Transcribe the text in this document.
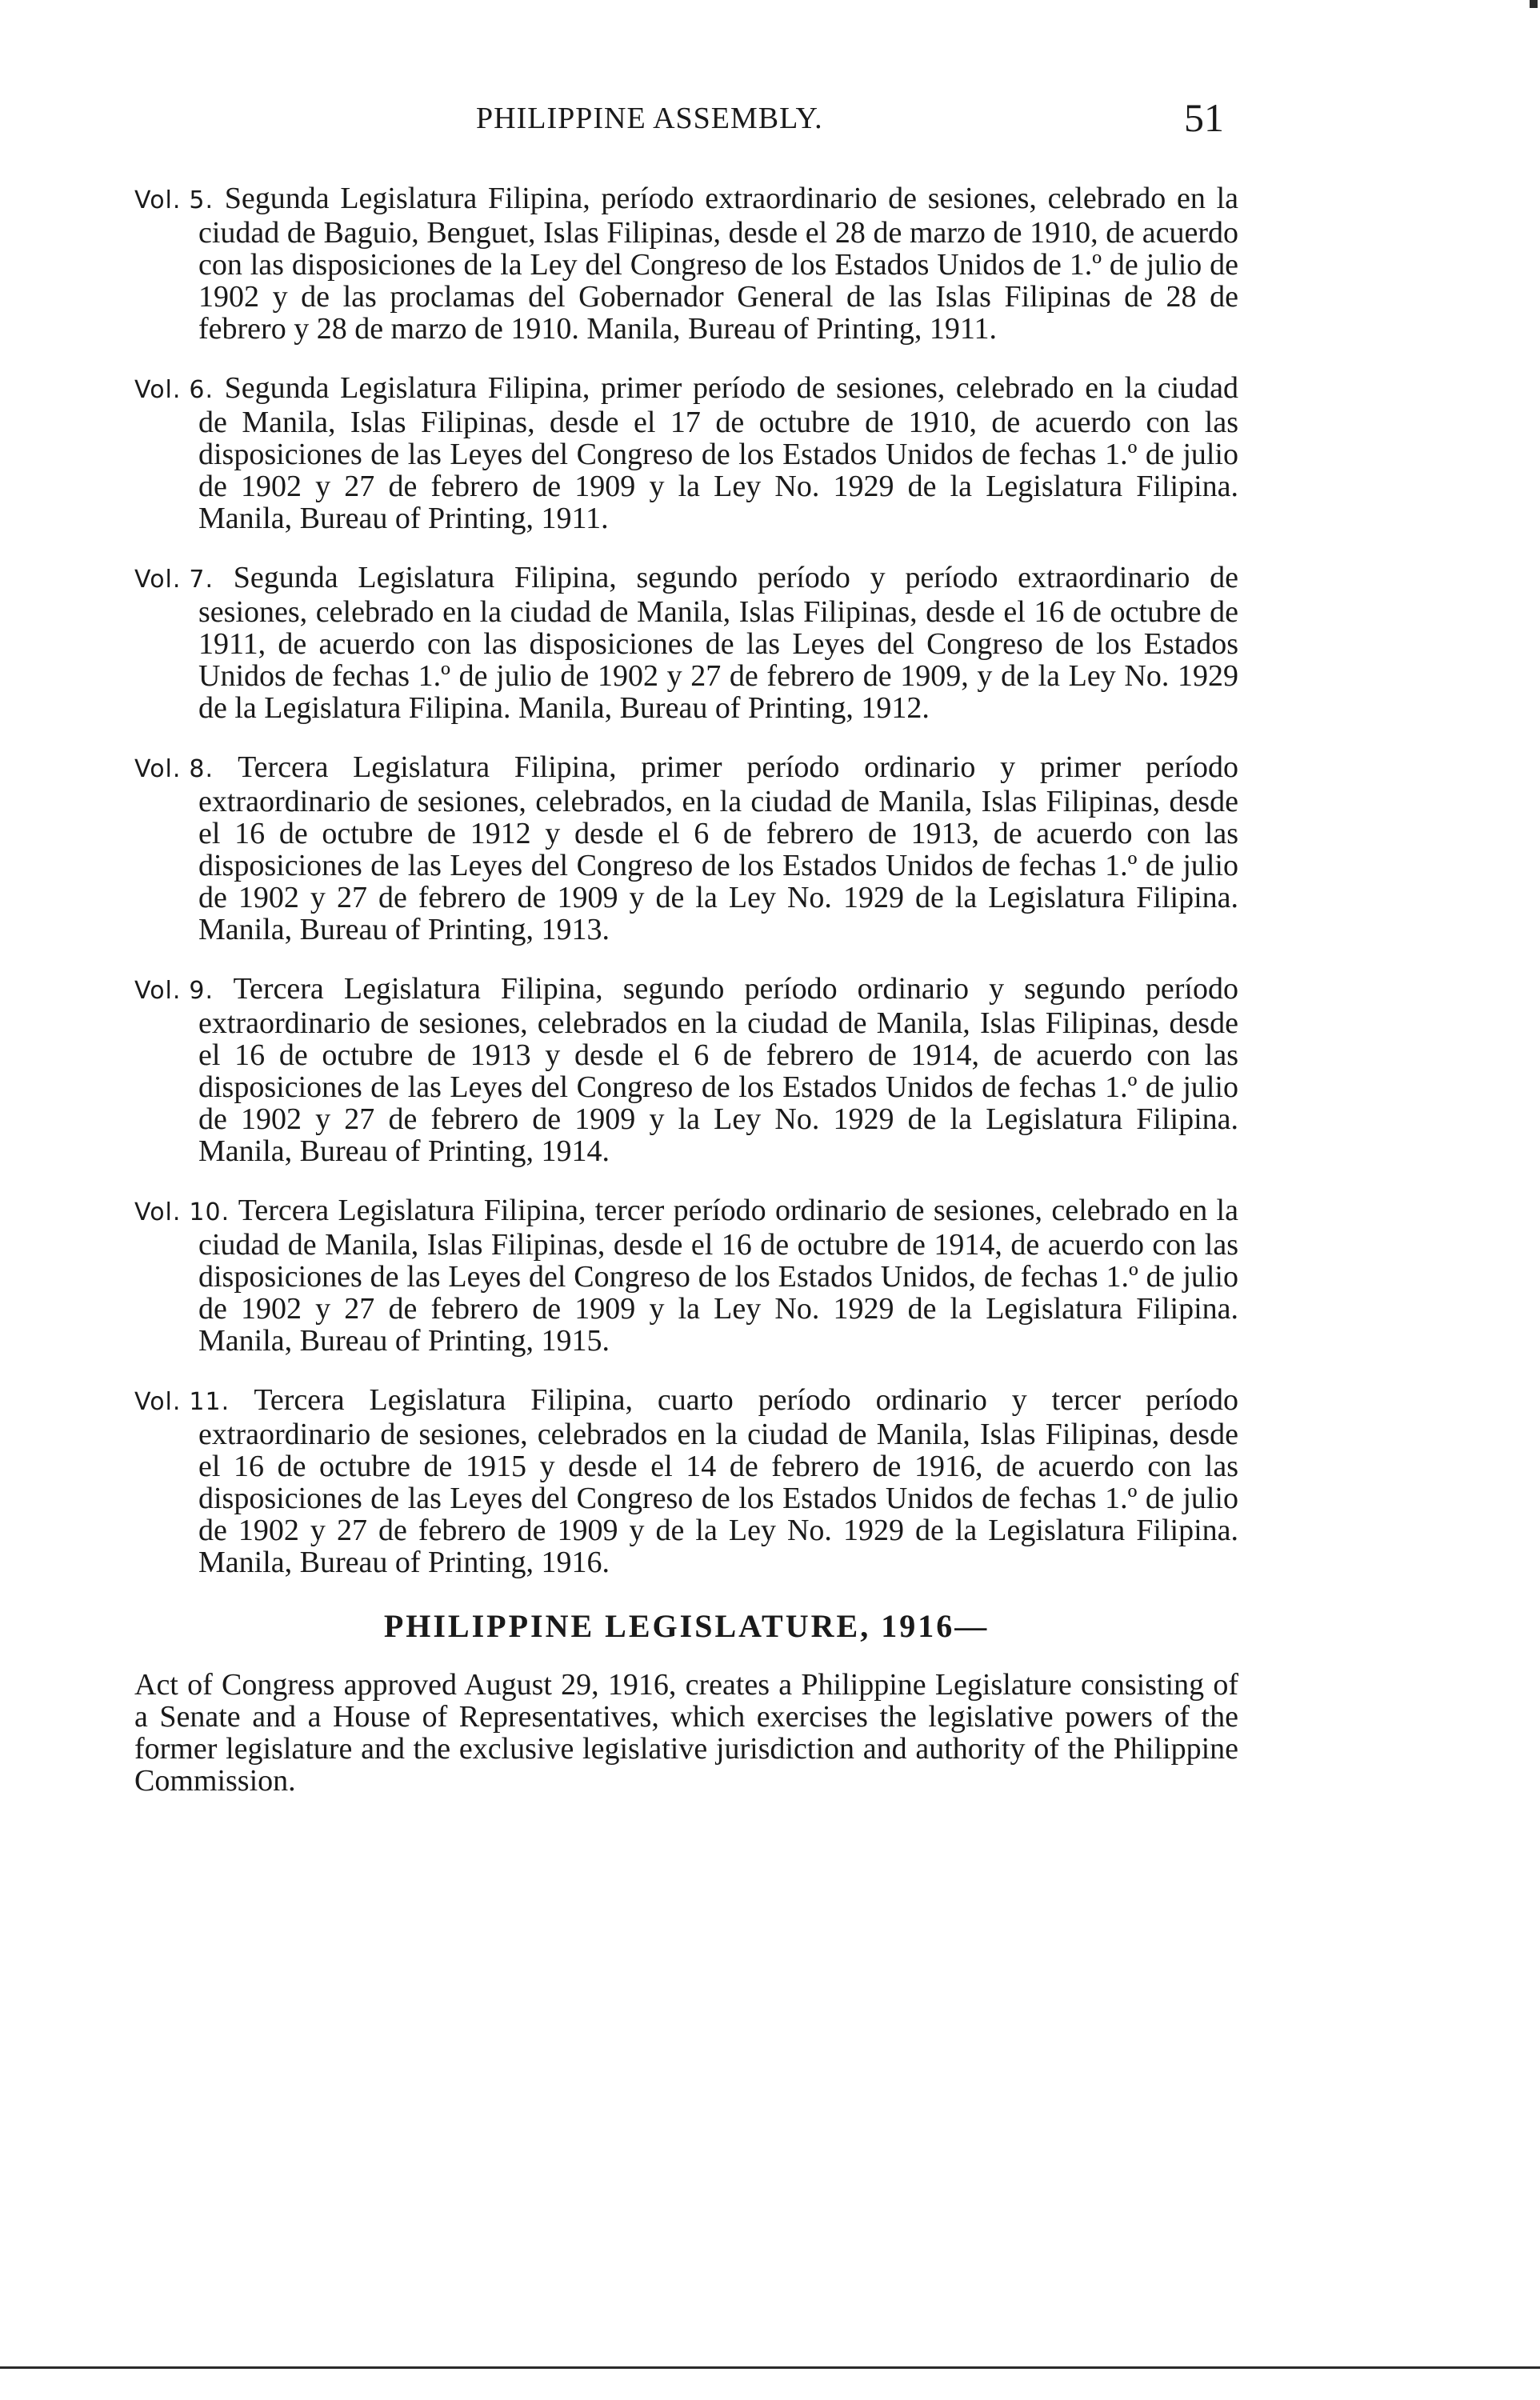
PHILIPPINE ASSEMBLY.	51

Vol. 5. Segunda Legislatura Filipina, período extraordinario de sesiones, celebrado en la ciudad de Baguio, Benguet, Islas Filipinas, desde el 28 de marzo de 1910, de acuerdo con las disposiciones de la Ley del Congreso de los Estados Unidos de 1.º de julio de 1902 y de las proclamas del Gobernador General de las Islas Filipinas de 28 de febrero y 28 de marzo de 1910. Manila, Bureau of Printing, 1911.

Vol. 6. Segunda Legislatura Filipina, primer período de sesiones, celebrado en la ciudad de Manila, Islas Filipinas, desde el 17 de octubre de 1910, de acuerdo con las disposiciones de las Leyes del Congreso de los Estados Unidos de fechas 1.º de julio de 1902 y 27 de febrero de 1909 y la Ley No. 1929 de la Legislatura Filipina. Manila, Bureau of Printing, 1911.

Vol. 7. Segunda Legislatura Filipina, segundo período y período extraordinario de sesiones, celebrado en la ciudad de Manila, Islas Filipinas, desde el 16 de octubre de 1911, de acuerdo con las disposiciones de las Leyes del Congreso de los Estados Unidos de fechas 1.º de julio de 1902 y 27 de febrero de 1909, y de la Ley No. 1929 de la Legislatura Filipina. Manila, Bureau of Printing, 1912.

Vol. 8. Tercera Legislatura Filipina, primer período ordinario y primer período extraordinario de sesiones, celebrados, en la ciudad de Manila, Islas Filipinas, desde el 16 de octubre de 1912 y desde el 6 de febrero de 1913, de acuerdo con las disposiciones de las Leyes del Congreso de los Estados Unidos de fechas 1.º de julio de 1902 y 27 de febrero de 1909 y de la Ley No. 1929 de la Legislatura Filipina. Manila, Bureau of Printing, 1913.

Vol. 9. Tercera Legislatura Filipina, segundo período ordinario y segundo período extraordinario de sesiones, celebrados en la ciudad de Manila, Islas Filipinas, desde el 16 de octubre de 1913 y desde el 6 de febrero de 1914, de acuerdo con las disposiciones de las Leyes del Congreso de los Estados Unidos de fechas 1.º de julio de 1902 y 27 de febrero de 1909 y la Ley No. 1929 de la Legislatura Filipina. Manila, Bureau of Printing, 1914.

Vol. 10. Tercera Legislatura Filipina, tercer período ordinario de sesiones, celebrado en la ciudad de Manila, Islas Filipinas, desde el 16 de octubre de 1914, de acuerdo con las disposiciones de las Leyes del Congreso de los Estados Unidos, de fechas 1.º de julio de 1902 y 27 de febrero de 1909 y la Ley No. 1929 de la Legislatura Filipina. Manila, Bureau of Printing, 1915.

Vol. 11. Tercera Legislatura Filipina, cuarto período ordinario y tercer período extraordinario de sesiones, celebrados en la ciudad de Manila, Islas Filipinas, desde el 16 de octubre de 1915 y desde el 14 de febrero de 1916, de acuerdo con las disposiciones de las Leyes del Congreso de los Estados Unidos de fechas 1.º de julio de 1902 y 27 de febrero de 1909 y de la Ley No. 1929 de la Legislatura Filipina. Manila, Bureau of Printing, 1916.

PHILIPPINE LEGISLATURE, 1916—

Act of Congress approved August 29, 1916, creates a Philippine Legislature consisting of a Senate and a House of Representatives, which exercises the legislative powers of the former legislature and the exclusive legislative jurisdiction and authority of the Philippine Commission.
